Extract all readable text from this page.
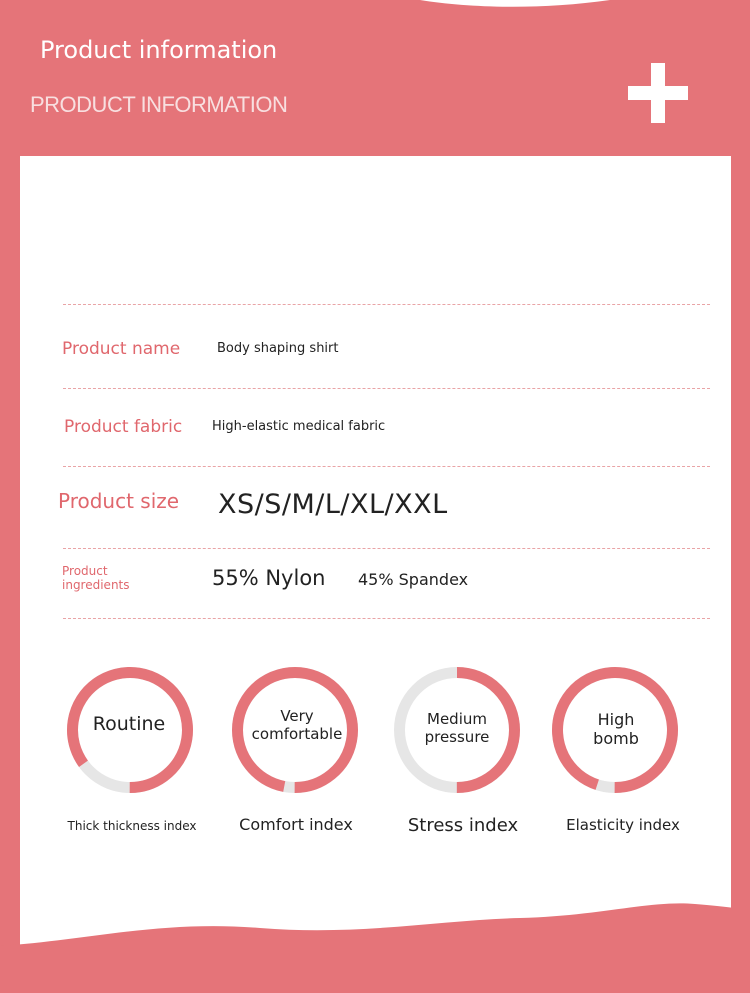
Product information
PRODUCT INFORMATION
Product name	Body shaping shirt
Product fabric High-elastic medical fabric
Product size XS/S/M/L/XL/XXL
Product ingredients	55% Nylon 45% Spandex
Routine
Thick thickness index
Very comfortable
Comfort index
Medium pressure
Stress index
High bomb
Elasticity index
